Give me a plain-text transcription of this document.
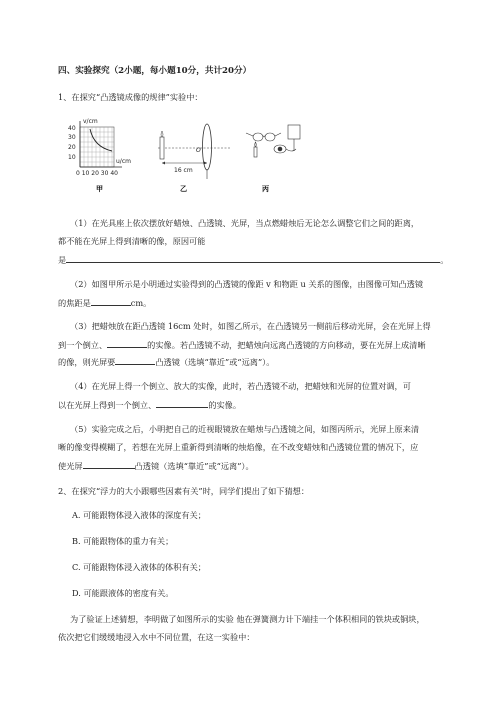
四、实验探究（2小题，每小题10分，共计20分）
1、在探究“凸透镜成像的规律”实验中：
v/cm
u/cm
40
30
20
10
0 10 20 30 40
甲
16 cm
O
乙	丙
（1）在光具座上依次摆放好蜡烛、凸透镜、光屏，当点燃蜡烛后无论怎么调整它们之间的距离，
都不能在光屏上得到清晰的像，原因可能
是	。
（2）如图甲所示是小明通过实验得到的凸透镜的像距 v 和物距 u 关系的图像，由图像可知凸透镜
的焦距是	cm。
（3）把蜡烛放在距凸透镜 16cm 处时，如图乙所示，在凸透镜另一侧前后移动光屏，会在光屏上得
到一个倒立、	的实像。若凸透镜不动，把蜡烛向远离凸透镜的方向移动，要在光屏上成清晰
的像，则光屏要	凸透镜（选填“靠近”或“远离”）。
（4）在光屏上得一个倒立、放大的实像，此时，若凸透镜不动，把蜡烛和光屏的位置对调，可
以在光屏上得到一个倒立、	的实像。
（5）实验完成之后，小明把自己的近视眼镜放在蜡烛与凸透镜之间，如图丙所示，光屏上原来清
晰的像变得模糊了，若想在光屏上重新得到清晰的烛焰像，在不改变蜡烛和凸透镜位置的情况下，应
使光屏	凸透镜（选填“靠近”或“远离”）。
2、在探究“浮力的大小跟哪些因素有关”时，同学们提出了如下猜想：
A. 可能跟物体浸入液体的深度有关；
B. 可能跟物体的重力有关；
C. 可能跟物体浸入液体的体积有关；
D. 可能跟液体的密度有关。
为了验证上述猜想，李明做了如图所示的实验 他在弹簧测力计下端挂一个体积相同的铁块或铜块，
依次把它们缓缓地浸入水中不同位置，在这一实验中：
